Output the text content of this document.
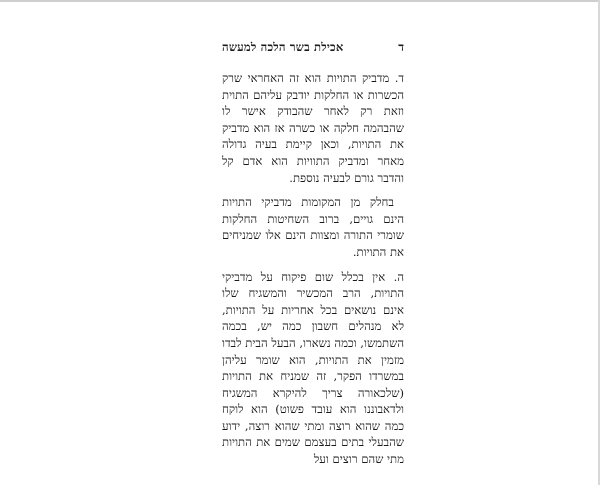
ד
אכילת בשר הלכה למעשה

ד. מדביק התויות הוא זה האחראי שרק הכשרות או החלקות יודבק עליהם התוית וזאת רק לאחר שהבודק אישר לו שהבהמה חלקה או כשרה אז הוא מדביק את התויות, וכאן קיימת בעיה גדולה מאחר ומדביק התוויות הוא אדם קל והדבר גורם לבעיה נוספת.

בחלק מן המקומות מדביקי התויות הינם גויים, ברוב השחיטות החלקות שומרי התורה ומצוות הינם אלו שמניחים את התויות.

ה. אין בכלל שום פיקוח על מדביקי התויות, הרב המכשיר והמשגיח שלו אינם נושאים בכל אחריות על התויות, לא מנהלים חשבון כמה יש, בכמה השתמשו, וכמה נשארו, הבעל הבית לבדו מזמין את התויות, הוא שומר עליהן במשרדו הפקר, זה שמניח את התויות (שלכאורה צריך להיקרא המשגיח ולדאבוננו הוא עובד פשוט) הוא לוקח כמה שהוא רוצה ומתי שהוא רוצה, ידוע שהבעלי בתים בעצמם שמים את התויות מתי שהם רוצים ועל
